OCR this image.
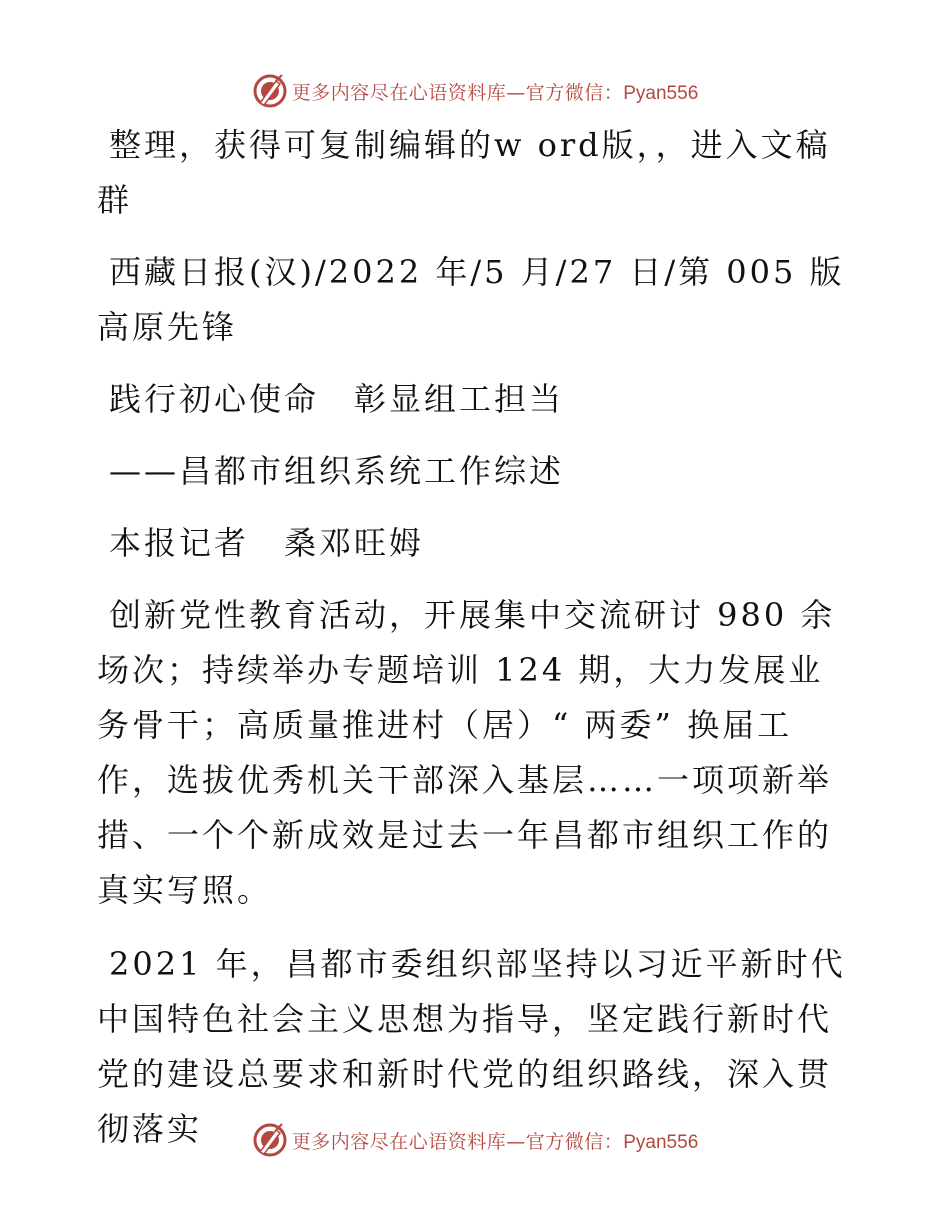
更多内容尽在心语资料库—官方微信：Pyan556

整理，获得可复制编辑的w ord版，，进入文稿群

西藏日报(汉)/2022 年/5 月/27 日/第 005 版高原先锋

践行初心使命　彰显组工担当

——昌都市组织系统工作综述

本报记者　桑邓旺姆

创新党性教育活动，开展集中交流研讨 980 余场次；持续举办专题培训 124 期，大力发展业务骨干；高质量推进村（居）“ 两委” 换届工作，选拔优秀机关干部深入基层……一项项新举措、一个个新成效是过去一年昌都市组织工作的真实写照。

2021 年，昌都市委组织部坚持以习近平新时代中国特色社会主义思想为指导，坚定践行新时代党的建设总要求和新时代党的组织路线，深入贯彻落实	更多内容尽在心语资料库—官方微信：Pyan556
